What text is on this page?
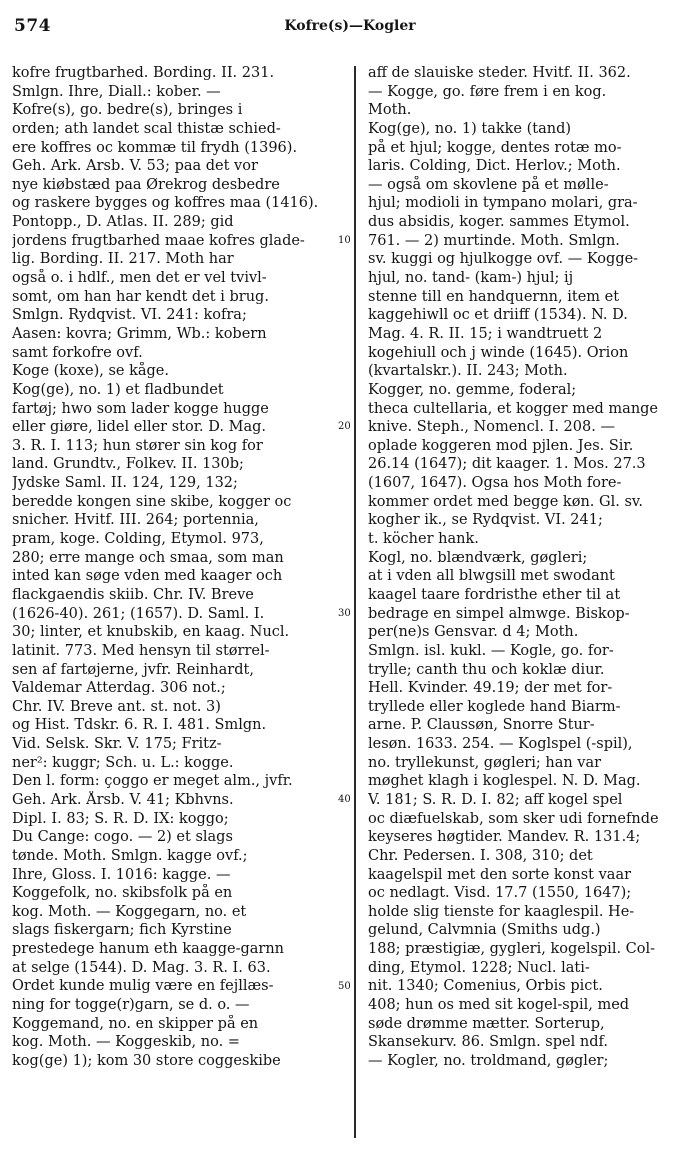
574	Kofre(s)—Kogler
kofre frugtbarhed. Bording. II. 231.
Smlgn. Ihre, Diall.: kober. —
Kofre(s), go. bedre(s), bringes i
orden; ath landet scal thistæ schied-
ere koffres oc kommæ til frydh (1396).
Geh. Ark. Arsb. V. 53; paa det vor
nye kiøbstæd paa Ørekrog desbedre
og raskere bygges og koffres maa (1416).
Pontopp., D. Atlas. II. 289; gid
jordens frugtbarhed maae kofres glade-
lig. Bording. II. 217. Moth har
også o. i hdlf., men det er vel tvivl-
somt, om han har kendt det i brug.
Smlgn. Rydqvist. VI. 241: kofra;
Aasen: kovra; Grimm, Wb.: kobern
samt forkofre ovf.
Koge (koxe), se kåge.
Kog(ge), no. 1) et fladbundet
fartøj; hwo som lader kogge hugge
eller giøre, lidel eller stor. D. Mag.
3. R. I. 113; hun stører sin kog for
land. Grundtv., Folkev. II. 130b;
Jydske Saml. II. 124, 129, 132;
beredde kongen sine skibe, kogger oc
snicher. Hvitf. III. 264; portennia,
pram, koge. Colding, Etymol. 973,
280; erre mange och smaa, som man
inted kan søge vden med kaager och
flackgaendis skiib. Chr. IV. Breve
(1626-40). 261; (1657). D. Saml. I.
30; linter, et knubskib, en kaag. Nucl.
latinit. 773. Med hensyn til størrel-
sen af fartøjerne, jvfr. Reinhardt,
Valdemar Atterdag. 306 not.;
Chr. IV. Breve ant. st. not. 3)
og Hist. Tdskr. 6. R. I. 481. Smlgn.
Vid. Selsk. Skr. V. 175; Fritz-
ner²: kuggr; Sch. u. L.: kogge.
Den l. form: çoggo er meget alm., jvfr.
Geh. Ark. Årsb. V. 41; Kbhvns.
Dipl. I. 83; S. R. D. IX: koggo;
Du Cange: cogo. — 2) et slags
tønde. Moth. Smlgn. kagge ovf.;
Ihre, Gloss. I. 1016: kagge. —
Koggefolk, no. skibsfolk på en
kog. Moth. — Koggegarn, no. et
slags fiskergarn; fich Kyrstine
prestedege hanum eth kaagge-garnn
at selge (1544). D. Mag. 3. R. I. 63.
Ordet kunde mulig være en fejllæs-
ning for togge(r)garn, se d. o. —
Koggemand, no. en skipper på en
kog. Moth. — Koggeskib, no. =
kog(ge) 1); kom 30 store coggeskibe
10
20
30
40
50
aff de slauiske steder. Hvitf. II. 362.
— Kogge, go. føre frem i en kog.
Moth.
Kog(ge), no. 1) takke (tand)
på et hjul; kogge, dentes rotæ mo-
laris. Colding, Dict. Herlov.; Moth.
— også om skovlene på et mølle-
hjul; modioli in tympano molari, gra-
dus absidis, koger. sammes Etymol.
761. — 2) murtinde. Moth. Smlgn.
sv. kuggi og hjulkogge ovf. — Kogge-
hjul, no. tand- (kam-) hjul; ij
stenne till en handquernn, item et
kaggehiwll oc et driiff (1534). N. D.
Mag. 4. R. II. 15; i wandtruett 2
kogehiull och j winde (1645). Orion
(kvartalskr.). II. 243; Moth.
Kogger, no. gemme, foderal;
theca cultellaria, et kogger med mange
knive. Steph., Nomencl. I. 208. —
oplade koggeren mod pjlen. Jes. Sir.
26.14 (1647); dit kaager. 1. Mos. 27.3
(1607, 1647). Ogsa hos Moth fore-
kommer ordet med begge køn. Gl. sv.
kogher ik., se Rydqvist. VI. 241;
t. köcher hank.
Kogl, no. blændværk, gøgleri;
at i vden all blwgsill met swodant
kaagel taare fordristhe ether til at
bedrage en simpel almwge. Biskop-
per(ne)s Gensvar. d 4; Moth.
Smlgn. isl. kukl. — Kogle, go. for-
trylle; canth thu och koklæ diur.
Hell. Kvinder. 49.19; der met for-
tryllede eller koglede hand Biarm-
arne. P. Claussøn, Snorre Stur-
lesøn. 1633. 254. — Koglspel (-spil),
no. tryllekunst, gøgleri; han var
møghet klagh i koglespel. N. D. Mag.
V. 181; S. R. D. I. 82; aff kogel spel
oc diæfuelskab, som sker udi fornefnde
keyseres høgtider. Mandev. R. 131.4;
Chr. Pedersen. I. 308, 310; det
kaagelspil met den sorte konst vaar
oc nedlagt. Visd. 17.7 (1550, 1647);
holde slig tienste for kaaglespil. He-
gelund, Calvmnia (Smiths udg.)
188; præstigiæ, gygleri, kogelspil. Col-
ding, Etymol. 1228; Nucl. lati-
nit. 1340; Comenius, Orbis pict.
408; hun os med sit kogel-spil, med
søde drømme mætter. Sorterup,
Skansekurv. 86. Smlgn. spel ndf.
— Kogler, no. troldmand, gøgler;
